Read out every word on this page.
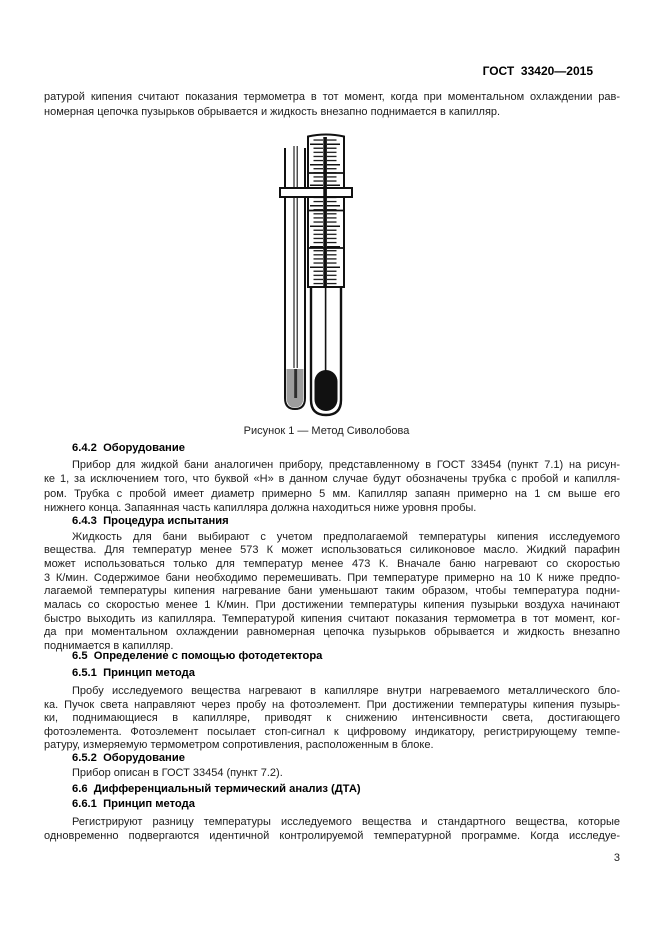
ГОСТ  33420—2015
ратурой кипения считают показания термометра в тот момент, когда при моментальном охлаждении рав-
номерная цепочка пузырьков обрывается и жидкость внезапно поднимается в капилляр.
Рисунок 1 — Метод Сиволобова
6.4.2  Оборудование
Прибор для жидкой бани аналогичен прибору, представленному в ГОСТ 33454 (пункт 7.1) на рисун-
ке 1, за исключением того, что буквой «Н» в данном случае будут обозначены трубка с пробой и капилля-
ром. Трубка с пробой имеет диаметр примерно 5 мм. Капилляр запаян примерно на 1 см выше его
нижнего конца. Запаянная часть капилляра должна находиться ниже уровня пробы.
6.4.3  Процедура испытания
Жидкость для бани выбирают с учетом предполагаемой температуры кипения исследуемого
вещества. Для температур менее 573 К может использоваться силиконовое масло. Жидкий парафин
может использоваться только для температур менее 473 К. Вначале баню нагревают со скоростью
3 К/мин. Содержимое бани необходимо перемешивать. При температуре примерно на 10 К ниже предпо-
лагаемой температуры кипения нагревание бани уменьшают таким образом, чтобы температура подни-
малась со скоростью менее 1 К/мин. При достижении температуры кипения пузырьки воздуха начинают
быстро выходить из капилляра. Температурой кипения считают показания термометра в тот момент, ког-
да при моментальном охлаждении равномерная цепочка пузырьков обрывается и жидкость внезапно
поднимается в капилляр.
6.5  Определение с помощью фотодетектора
6.5.1  Принцип метода
Пробу исследуемого вещества нагревают в капилляре внутри нагреваемого металлического бло-
ка. Пучок света направляют через пробу на фотоэлемент. При достижении температуры кипения пузырь-
ки, поднимающиеся в капилляре, приводят к снижению интенсивности света, достигающего
фотоэлемента. Фотоэлемент посылает стоп-сигнал к цифровому индикатору, регистрирующему темпе-
ратуру, измеряемую термометром сопротивления, расположенным в блоке.
6.5.2  Оборудование
Прибор описан в ГОСТ 33454 (пункт 7.2).
6.6  Дифференциальный термический анализ (ДТА)
6.6.1  Принцип метода
Регистрируют разницу температуры исследуемого вещества и стандартного вещества, которые
одновременно подвергаются идентичной контролируемой температурной программе. Когда исследуе-
3
